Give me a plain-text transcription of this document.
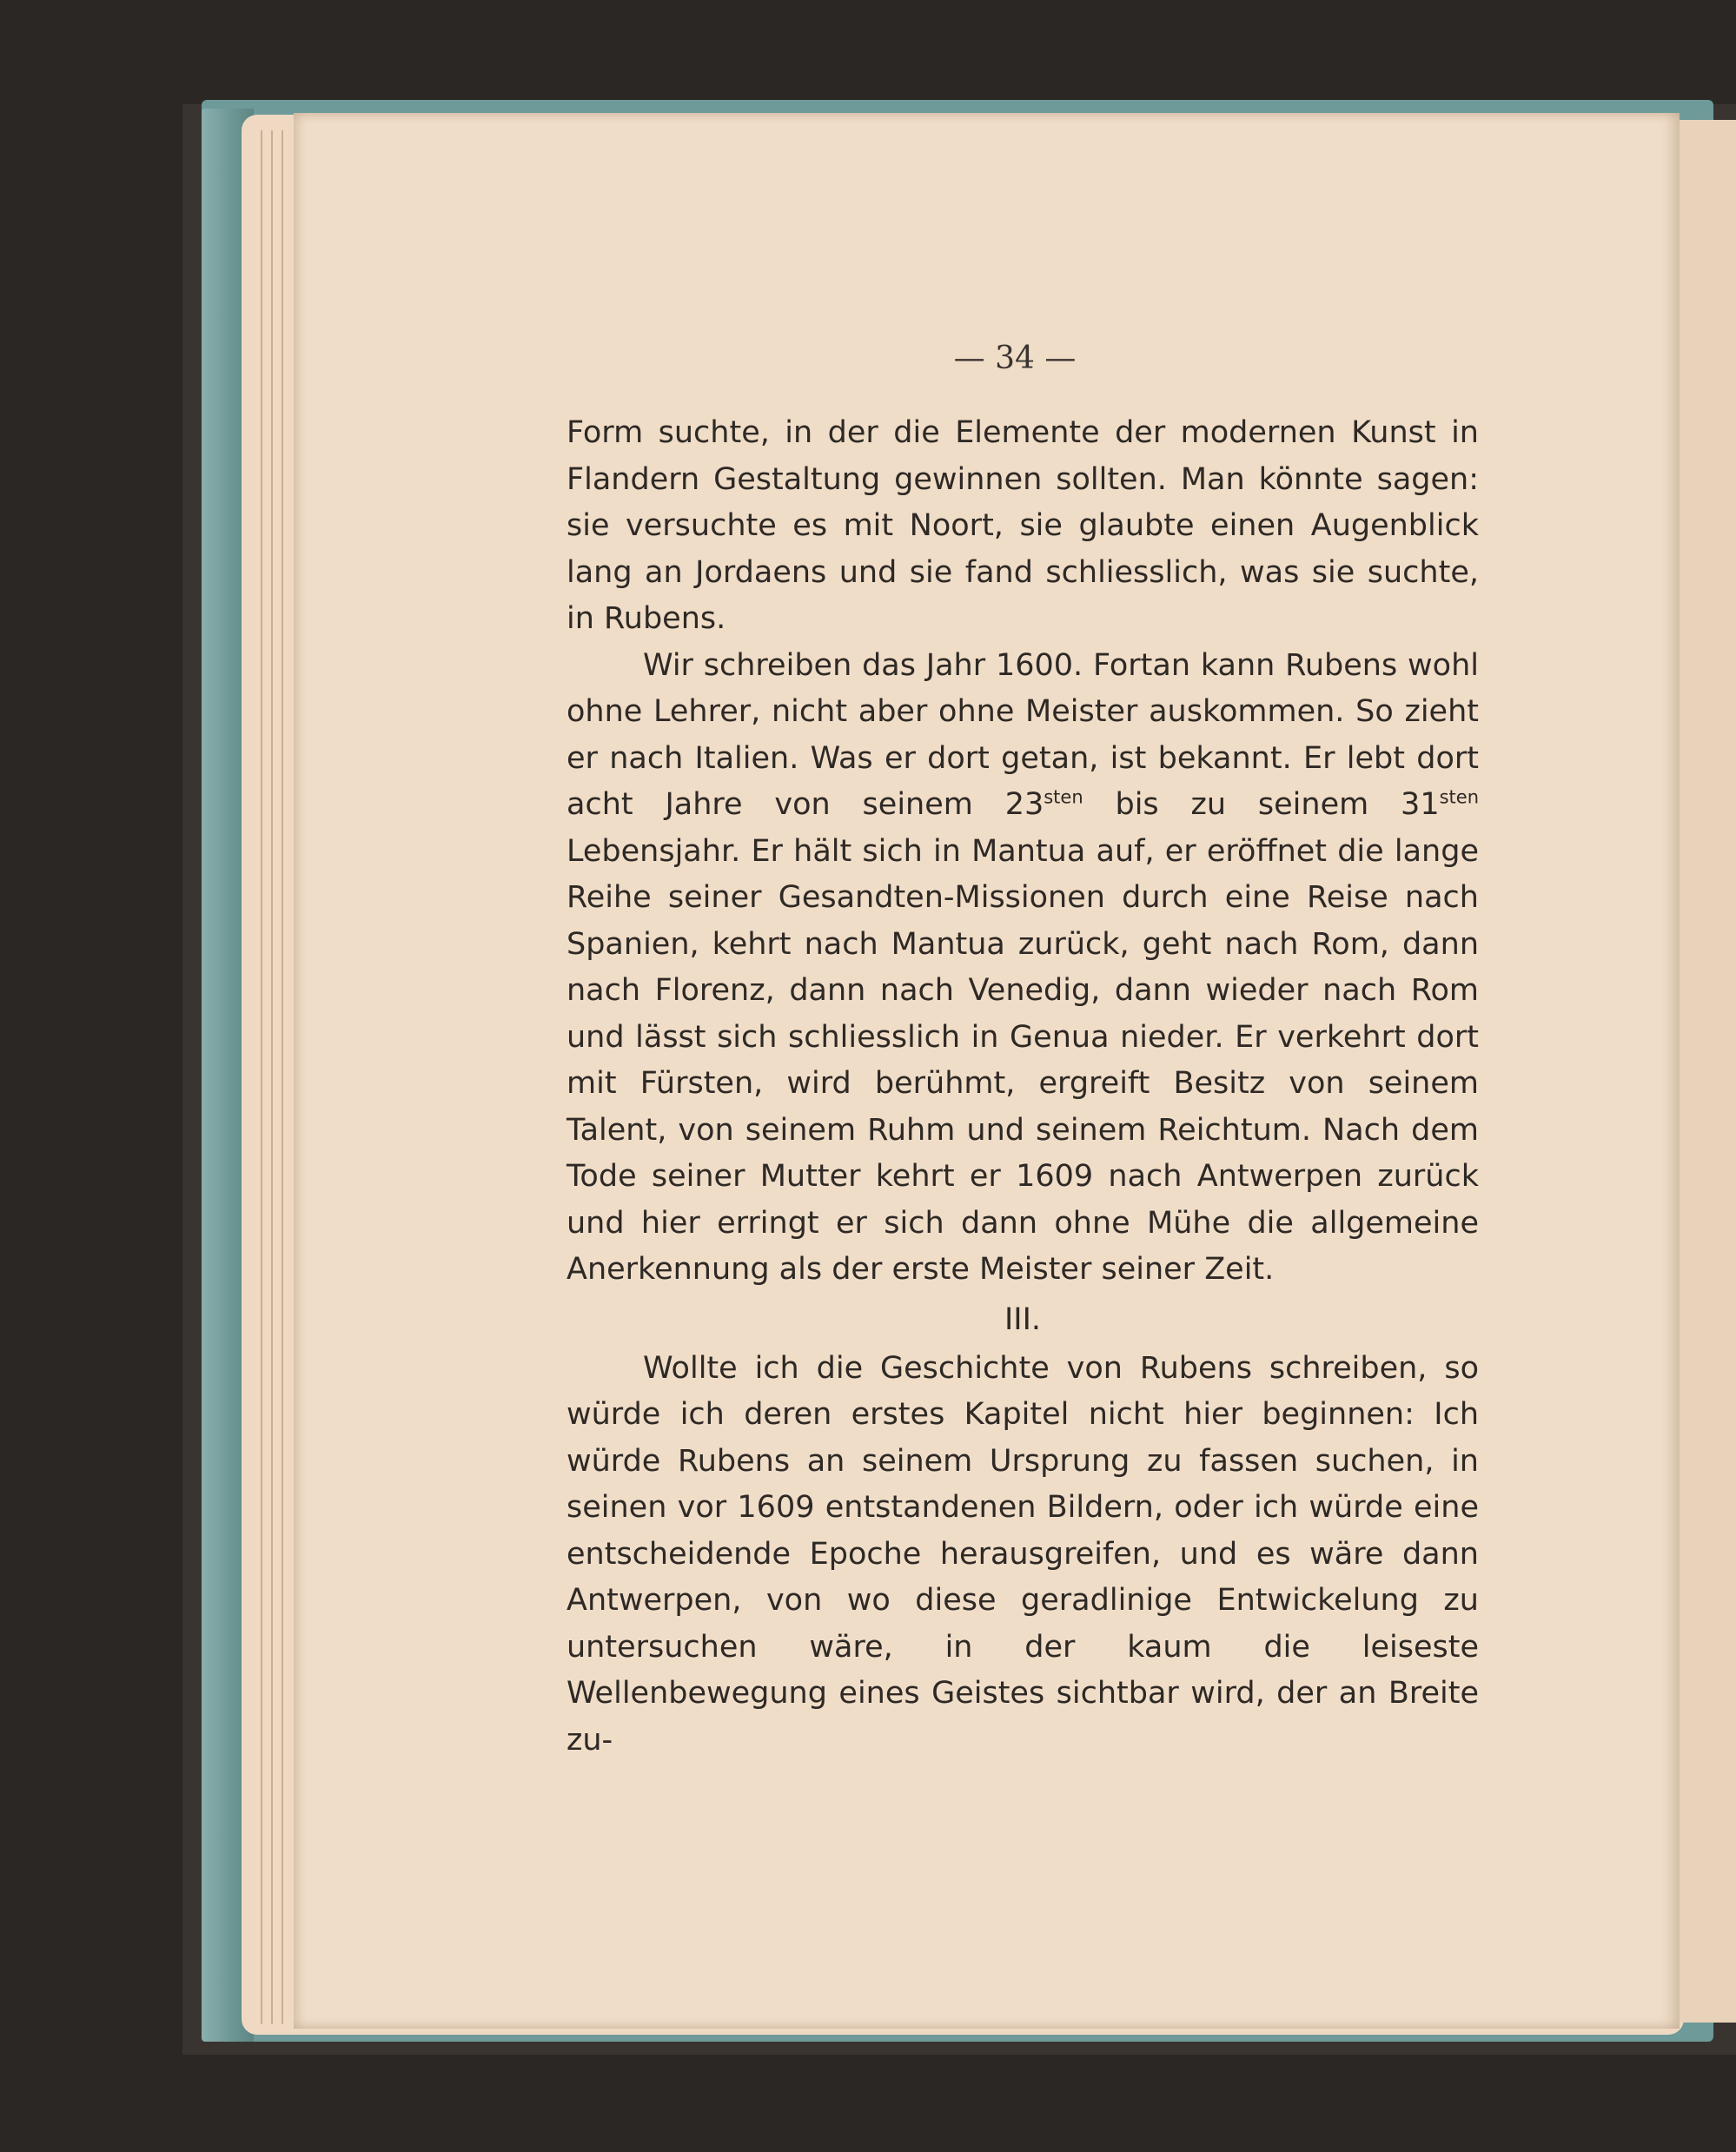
— 34 —

Form suchte, in der die Elemente der modernen Kunst in Flandern Gestaltung gewinnen sollten. Man könnte sagen: sie versuchte es mit Noort, sie glaubte einen Augenblick lang an Jordaens und sie fand schliesslich, was sie suchte, in Rubens.

Wir schreiben das Jahr 1600. Fortan kann Rubens wohl ohne Lehrer, nicht aber ohne Meister auskommen. So zieht er nach Italien. Was er dort getan, ist bekannt. Er lebt dort acht Jahre von seinem $23^{sten}$ bis zu seinem $31^{sten}$ Lebensjahr. Er hält sich in Mantua auf, er eröffnet die lange Reihe seiner Gesandten-Missionen durch eine Reise nach Spanien, kehrt nach Mantua zurück, geht nach Rom, dann nach Florenz, dann nach Venedig, dann wieder nach Rom und lässt sich schliesslich in Genua nieder. Er verkehrt dort mit Fürsten, wird berühmt, ergreift Besitz von seinem Talent, von seinem Ruhm und seinem Reichtum. Nach dem Tode seiner Mutter kehrt er 1609 nach Antwerpen zurück und hier erringt er sich dann ohne Mühe die allgemeine Anerkennung als der erste Meister seiner Zeit.

III.

Wollte ich die Geschichte von Rubens schreiben, so würde ich deren erstes Kapitel nicht hier beginnen: Ich würde Rubens an seinem Ursprung zu fassen suchen, in seinen vor 1609 entstandenen Bildern, oder ich würde eine entscheidende Epoche herausgreifen, und es wäre dann Antwerpen, von wo diese geradlinige Entwickelung zu untersuchen wäre, in der kaum die leiseste Wellenbewegung eines Geistes sichtbar wird, der an Breite zu-
